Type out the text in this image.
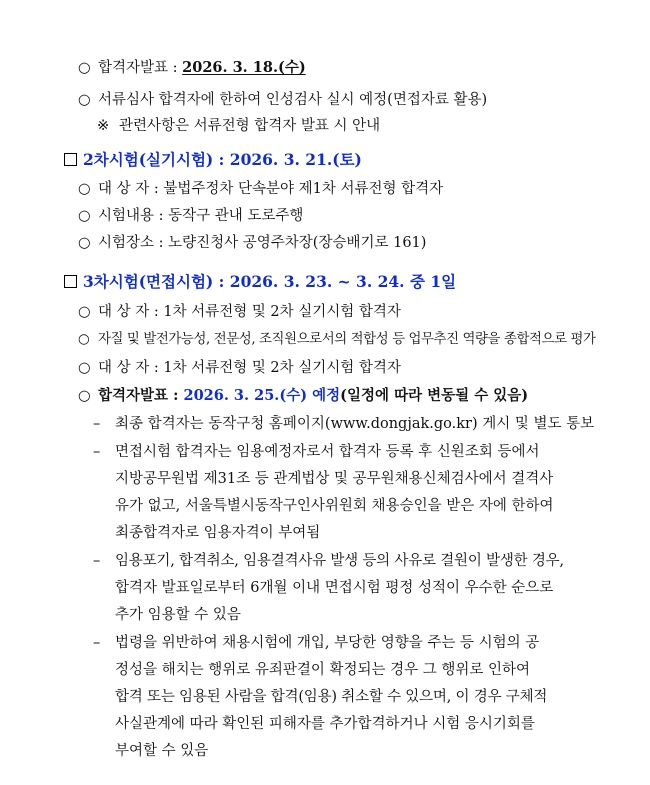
○ 합격자발표 : 2026. 3. 18.(수)
○ 서류심사 합격자에 한하여 인성검사 실시 예정(면접자료 활용)
※ 관련사항은 서류전형 합격자 발표 시 안내
2차시험(실기시험) : 2026. 3. 21.(토)
○ 대 상 자 : 불법주정차 단속분야 제1차 서류전형 합격자
○ 시험내용 : 동작구 관내 도로주행
○ 시험장소 : 노량진청사 공영주차장(장승배기로 161)
3차시험(면접시험) : 2026. 3. 23. ~ 3. 24. 중 1일
○ 대 상 자 : 1차 서류전형 및 2차 실기시험 합격자
○ 자질 및 발전가능성, 전문성, 조직원으로서의 적합성 등 업무추진 역량을 종합적으로 평가
○ 대 상 자 : 1차 서류전형 및 2차 실기시험 합격자
○ 합격자발표 : 2026. 3. 25.(수) 예정(일정에 따라 변동될 수 있음)
– 최종 합격자는 동작구청 홈페이지(www.dongjak.go.kr) 게시 및 별도 통보
– 면접시험 합격자는 임용예정자로서 합격자 등록 후 신원조회 등에서
지방공무원법 제31조 등 관계법상 및 공무원채용신체검사에서 결격사
유가 없고, 서울특별시동작구인사위원회 채용승인을 받은 자에 한하여
최종합격자로 임용자격이 부여됨
– 임용포기, 합격취소, 임용결격사유 발생 등의 사유로 결원이 발생한 경우,
합격자 발표일로부터 6개월 이내 면접시험 평정 성적이 우수한 순으로
추가 임용할 수 있음
– 법령을 위반하여 채용시험에 개입, 부당한 영향을 주는 등 시험의 공
정성을 해치는 행위로 유죄판결이 확정되는 경우 그 행위로 인하여
합격 또는 임용된 사람을 합격(임용) 취소할 수 있으며, 이 경우 구체적
사실관계에 따라 확인된 피해자를 추가합격하거나 시험 응시기회를
부여할 수 있음
